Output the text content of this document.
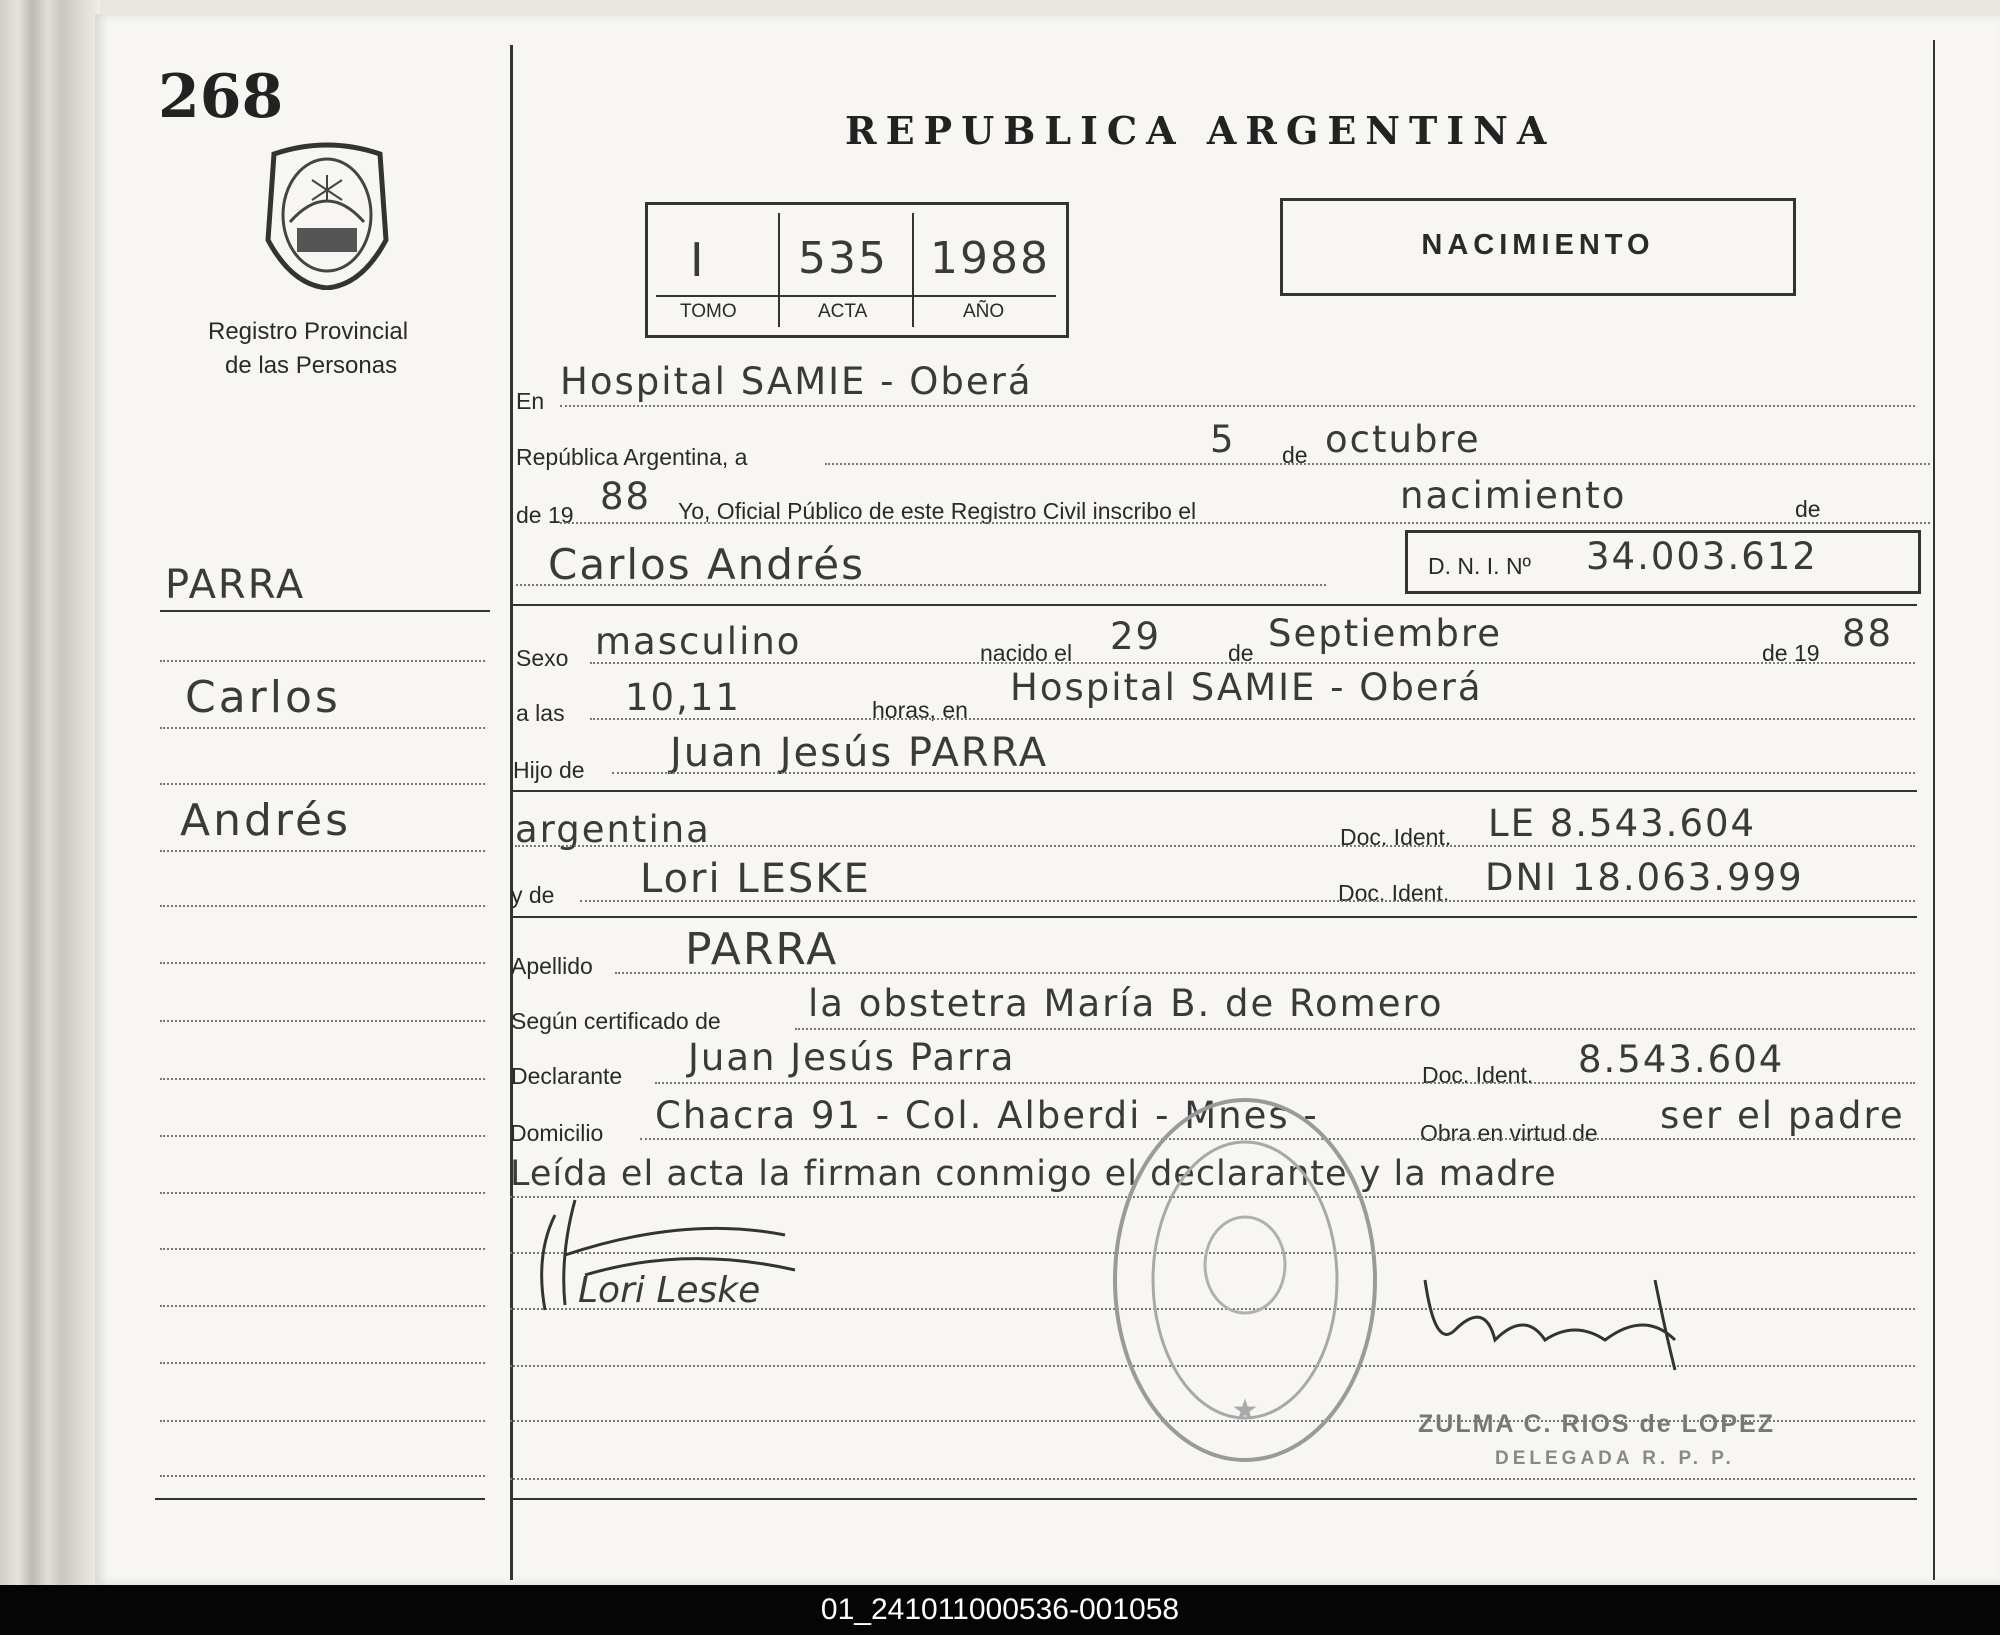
268
Registro Provincial
de las Personas
REPUBLICA ARGENTINA
I 535 1988
TOMO	ACTA	AÑO
NACIMIENTO
PARRA
Carlos
Andrés
En Hospital SAMIE - Oberá
República Argentina, a	5 de octubre
de 19 88 Yo, Oficial Público de este Registro Civil inscribo el	nacimiento	de
Carlos Andrés	D. N. I. Nº 34.003.612
Sexo masculino	nacido el 29	de Septiembre	de 19 88
a las 10,11	horas, en
Hospital SAMIE - Oberá
Hijo de Juan Jesús PARRA
argentina	Doc. Ident. LE 8.543.604
y de Lori LESKE	Doc. Ident. DNI 18.063.999
Apellido PARRA
Según certificado de la obstetra María B. de Romero
Declarante Juan Jesús Parra	Doc. Ident. 8.543.604
Domicilio Chacra 91 - Col. Alberdi - Mnes -	Obra en virtud de ser el padre
Leída el acta la firman conmigo el declarante y la madre
★
Lori Leske
ZULMA C. RIOS de LOPEZ
DELEGADA R. P. P.
01_241011000536-001058
